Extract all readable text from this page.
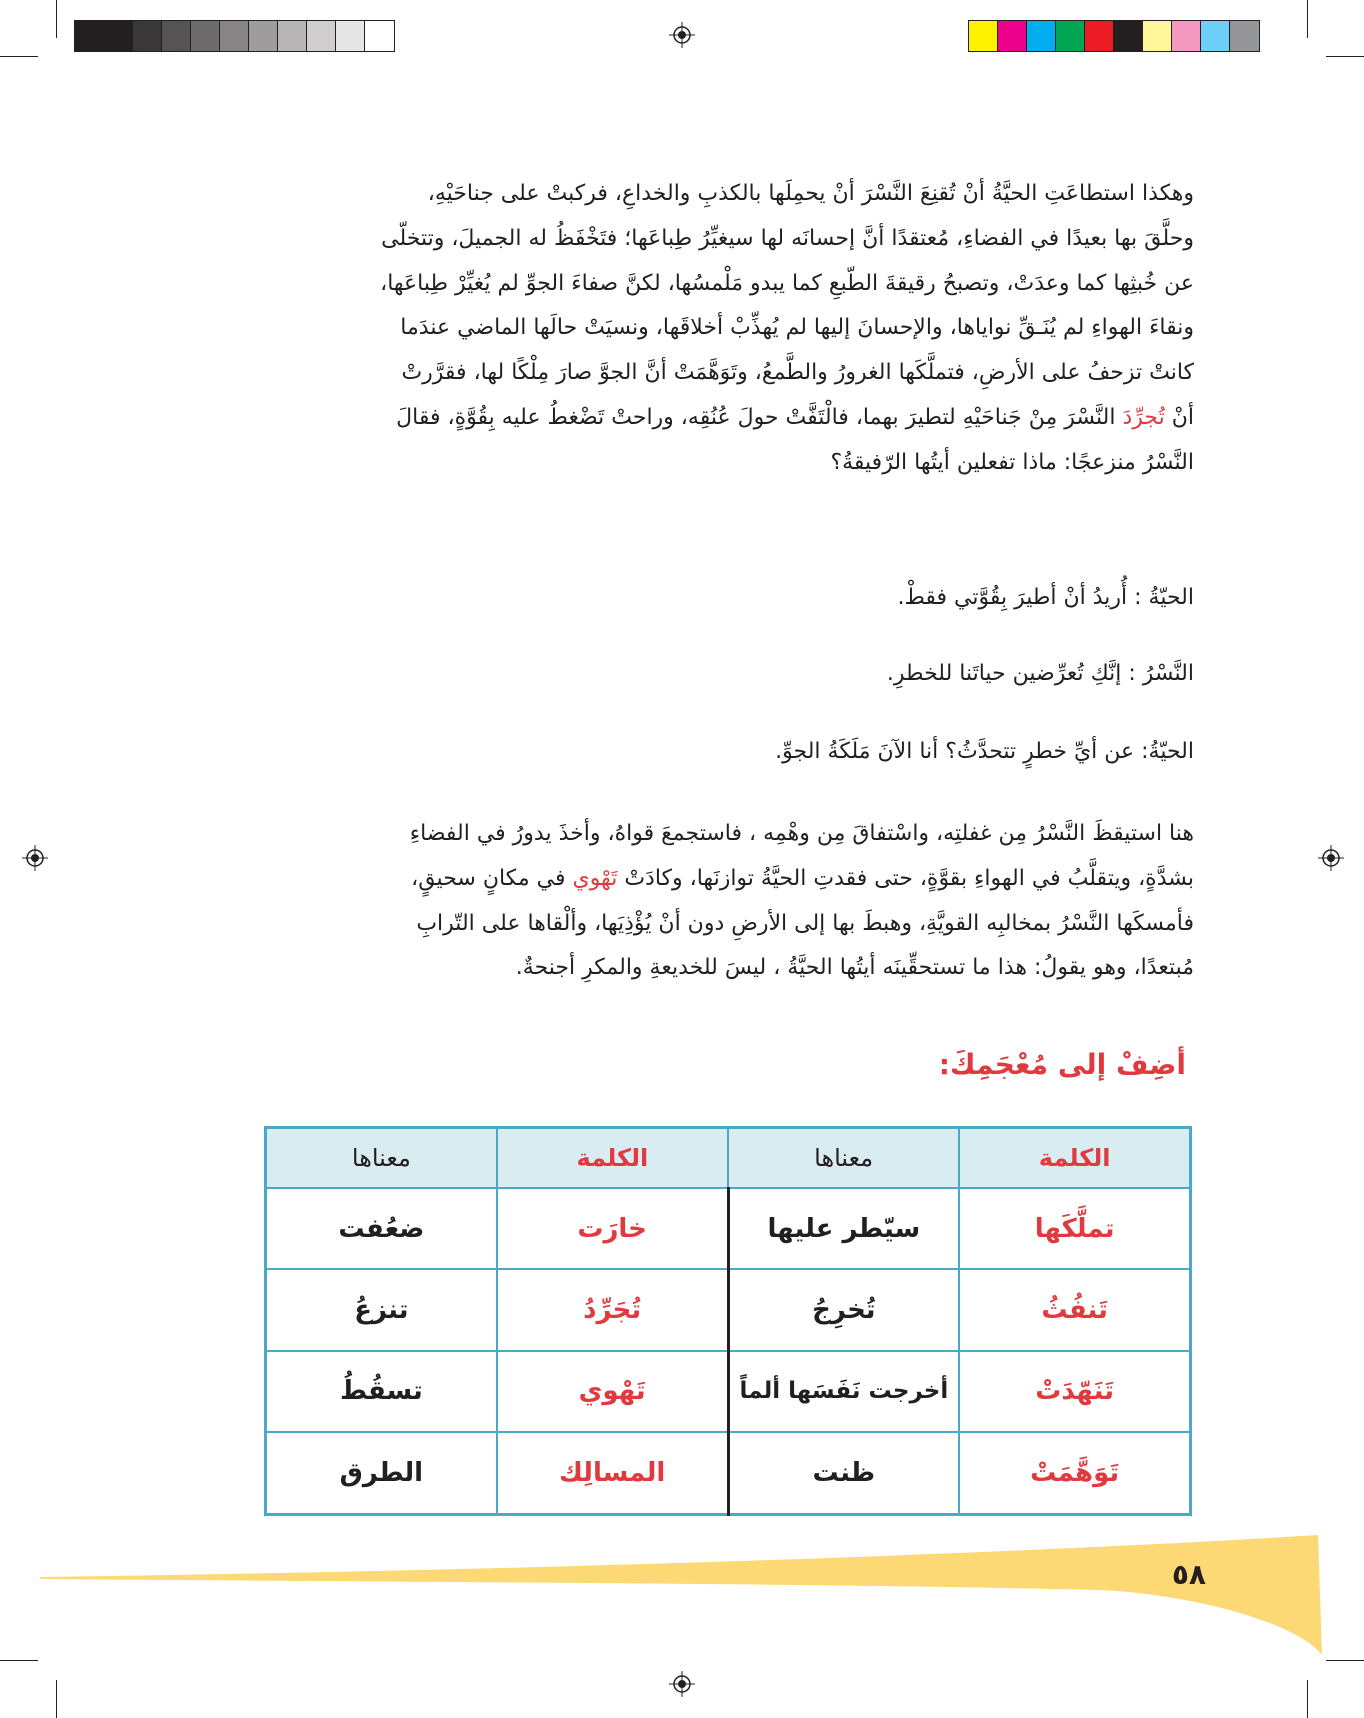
وهكذا استطاعَتِ الحيَّةُ أنْ تُقنِعَ النَّسْرَ أنْ يحمِلَها بالكذبِ والخداعِ، فركبتْ على جناحَيْهِ،

وحلَّقَ بها بعيدًا في الفضاءِ، مُعتقدًا أنَّ إحسانَه لها سيغيِّرُ طِباعَها؛ فتَخْفَظُ له الجميلَ، وتتخلّى

عن خُبثِها كما وعدَتْ، وتصبحُ رقيقةَ الطّبعِ كما يبدو مَلْمسُها، لكنَّ صفاءَ الجوِّ لم يُغيِّرْ طِباعَها،

ونقاءَ الهواءِ لم يُنَـقِّ نواياها، والإحسانَ إليها لم يُهذِّبْ أخلاقَها، ونسيَتْ حالَها الماضي عندَما

كانتْ تزحفُ على الأرضِ، فتملَّكَها الغرورُ والطَّمعُ، وتَوَهَّمَتْ أنَّ الجوَّ صارَ مِلْكًا لها، فقرَّرتْ

أنْ تُجرِّدَ النَّسْرَ مِنْ جَناحَيْهِ لتطيرَ بهما، فالْتَفَّتْ حولَ عُنُقِه، وراحتْ تَضْغطُ عليه بِقُوَّةٍ، فقالَ

النَّسْرُ منزعجًا: ماذا تفعلين أيتُها الرّفيقةُ؟

الحيّةُ : أُريدُ أنْ أطيرَ بِقُوَّتي فقطْ.
النَّسْرُ : إنَّكِ تُعرِّضين حياتَنا للخطرِ.
الحيّةُ: عن أيِّ خطرٍ تتحدَّثُ؟ أنا الآنَ مَلَكَةُ الجوِّ.

هنا استيقظَ النَّسْرُ مِن غفلتِه، واسْتفاقَ مِن وهْمِه ، فاستجمعَ قواهُ، وأخذَ يدورُ في الفضاءِ

بشدَّةٍ، ويتقلَّبُ في الهواءِ بقوَّةٍ، حتى فقدتِ الحيَّةُ توازنَها، وكادَتْ تَهْوي في مكانٍ سحيقٍ،

فأمسكَها النَّسْرُ بمخالبِه القويَّةِ، وهبطَ بها إلى الأرضِ دون أنْ يُؤْذِيَها، وألْقاها على التّرابِ

مُبتعدًا، وهو يقولُ: هذا ما تستحقِّينَه أيتُها الحيَّةُ ، ليسَ للخديعةِ والمكرِ أجنحةٌ.

أضِفْ إلى مُعْجَمِكَ:
الكلمة	معناها	الكلمة	معناها
تملَّكَها	سيّطر عليها	خارَت	ضعُفت
تَنفُثُ	تُخرِجُ	تُجَرِّدُ	تنزعُ
تَنَهّدَتْ	أخرجت نَفَسَها ألماً	تَهْوي	تسقُطُ
تَوَهَّمَتْ	ظنت	المسالِك	الطرق
٥٨
